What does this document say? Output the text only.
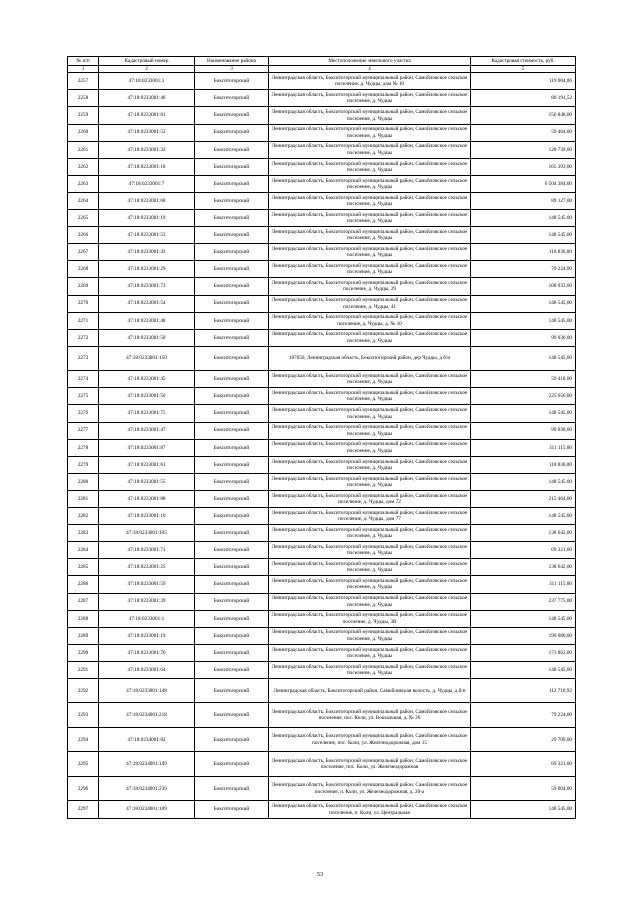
№ п/п	Кадастровый номер	Наименование района	Местоположение земельного участка	Кадастровая стоимость, руб.
1	2	3	4	5
2257	47:18:0233001:3	Бокситогорский	Ленинградская область, Бокситогорский муниципальный район, Самойловское сельское поселение, д. Чудцы, дом № 10	119 004,06
2258	47:18:0233001:46	Бокситогорский	Ленинградская область, Бокситогорский муниципальный район, Самойловское сельское поселение, д. Чудцы	80 191,52
2259	47:18:0233001:81	Бокситогорский	Ленинградская область, Бокситогорский муниципальный район, Самойловское сельское поселение, д. Чудцы	156 848,00
2260	47:18:0233001:53	Бокситогорский	Ленинградская область, Бокситогорский муниципальный район, Самойловское сельское поселение, д. Чудцы	59 464,00
2261	47:18:0233001:32	Бокситогорский	Ленинградская область, Бокситогорский муниципальный район, Самойловское сельское поселение, д. Чудцы	128 739,00
2262	47:18:0233001:18	Бокситогорский	Ленинградская область, Бокситогорский муниципальный район, Самойловское сельское поселение, д. Чудцы	165 393,00
2263	47:18:0233001:7	Бокситогорский	Ленинградская область, Бокситогорский муниципальный район, Самойловское сельское поселение, д. Чудцы	6 504 384,00
2264	47:18:0233001:68	Бокситогорский	Ленинградская область, Бокситогорский муниципальный район, Самойловское сельское поселение, д. Чудцы	89 127,00
2265	47:18:0233001:19	Бокситогорский	Ленинградская область, Бокситогорский муниципальный район, Самойловское сельское поселение, д. Чудцы	148 545,00
2266	47:18:0233001:53	Бокситогорский	Ленинградская область, Бокситогорский муниципальный район, Самойловское сельское поселение, д. Чудцы	148 545,00
2267	47:18:0233001:43	Бокситогорский	Ленинградская область, Бокситогорский муниципальный район, Самойловское сельское поселение, д. Чудцы	118 836,00
2268	47:18:0233001:29	Бокситогорский	Ленинградская область, Бокситогорский муниципальный район, Самойловское сельское поселение, д. Чудцы	79 224,00
2269	47:18:0233001:73	Бокситогорский	Ленинградская область, Бокситогорский муниципальный район, Самойловское сельское поселение, д. Чудцы, 29	108 933,00
2270	47:18:0233001:54	Бокситогорский	Ленинградская область, Бокситогорский муниципальный район, Самойловское сельское поселение, д. Чудцы, 41	148 545,00
2271	47:18:0233001:48	Бокситогорский	Ленинградская область, Бокситогорский муниципальный район, Самойловское сельское поселение, д. Чудцы, д. № 10	148 545,00
2272	47:18:0233001:50	Бокситогорский	Ленинградская область, Бокситогорский муниципальный район, Самойловское сельское поселение, д. Чудцы	99 030,00
2273	47:18:0233001:150	Бокситогорский	187650, Ленинградская область, Бокситогорский район, дер Чудцы, д б/н	148 545,00
2274	47:18:0233001:45	Бокситогорский	Ленинградская область, Бокситогорский муниципальный район, Самойловское сельское поселение, д. Чудцы	59 418,00
2275	47:18:0233001:50	Бокситогорский	Ленинградская область, Бокситогорский муниципальный район, Самойловское сельское поселение, д. Чудцы	225 656,00
2276	47:18:0233001:75	Бокситогорский	Ленинградская область, Бокситогорский муниципальный район, Самойловское сельское поселение, д. Чудцы	148 545,00
2277	47:18:0233001:47	Бокситогорский	Ленинградская область, Бокситогорский муниципальный район, Самойловское сельское поселение, д. Чудцы	99 030,00
2278	47:18:0233001:87	Бокситогорский	Ленинградская область, Бокситогорский муниципальный район, Самойловское сельское поселение, д. Чудцы	311 115,00
2279	47:18:0233001:61	Бокситогорский	Ленинградская область, Бокситогорский муниципальный район, Самойловское сельское поселение, д. Чудцы	118 836,00
2280	47:18:0233001:55	Бокситогорский	Ленинградская область, Бокситогорский муниципальный район, Самойловское сельское поселение, д. Чудцы	148 545,00
2281	47:18:0233001:88	Бокситогорский	Ленинградская область, Бокситогорский муниципальный район, Самойловское сельское поселение, д. Чудцы, дом 72	215 464,00
2282	47:18:0233001:10	Бокситогорский	Ленинградская область, Бокситогорский муниципальный район, Самойловское сельское поселение, д. Чудцы, дом 77	148 545,00
2283	47:18:0233001:105	Бокситогорский	Ленинградская область, Бокситогорский муниципальный район, Самойловское сельское поселение, д. Чудцы	138 642,00
2284	47:18:0233001:71	Бокситогорский	Ленинградская область, Бокситогорский муниципальный район, Самойловское сельское поселение, д. Чудцы	69 321,00
2285	47:18:0233001:25	Бокситогорский	Ленинградская область, Бокситогорский муниципальный район, Самойловское сельское поселение, д. Чудцы	138 642,00
2286	47:18:0233001:59	Бокситогорский	Ленинградская область, Бокситогорский муниципальный район, Самойловское сельское поселение, д. Чудцы	311 115,00
2287	47:18:0233001:39	Бокситогорский	Ленинградская область, Бокситогорский муниципальный район, Самойловское сельское поселение, д. Чудцы	237 775,00
2288	47:18:0233001:1	Бокситогорский	Ленинградская область, Бокситогорский муниципальный район, Самойловское сельское поселение, д. Чудцы, 3В	148 545,00
2289	47:18:0233001:19	Бокситогорский	Ленинградская область, Бокситогорский муниципальный район, Самойловское сельское поселение, д. Чудцы	190 080,00
2290	47:18:0233001:70	Бокситогорский	Ленинградская область, Бокситогорский муниципальный район, Самойловское сельское поселение, д. Чудцы	173 862,00
2291	47:18:0233001:64	Бокситогорский	Ленинградская область, Бокситогорский муниципальный район, Самойловское сельское поселение, д. Чудцы	148 545,00
2292	47:18:0233001:148	Бокситогорский	Ленинградская область, Бокситогорский район, Самойловская волость, д. Чудцы, д.б/н	112 718,92
2293	47:18:0234001:218	Бокситогорский	Ленинградская область, Бокситогорский муниципальный район, Самойловское сельское поселение, пос. Коли, ул. Вокзальная, д. № 26	79 224,00
2294	47:18:0234001:82	Бокситогорский	Ленинградская область, Бокситогорский муниципальный район, Самойловское сельское поселение, пос. Коли, ул. Железнодорожная, дом 15	29 709,00
2295	47:18:0234001:149	Бокситогорский	Ленинградская область, Бокситогорский муниципальный район, Самойловское сельское поселение, пос. Коли, ул. Железнодорожная	69 321,00
2296	47:18:0234001:239	Бокситогорский	Ленинградская область, Бокситогорский муниципальный район, Самойловское сельское поселение, п. Коли, ул. Железнодорожная, д. 20-а	59 004,00
2297	47:18:0234001:109	Бокситогорский	Ленинградская область, Бокситогорский муниципальный район, Самойловское сельское поселение, п. Коли, ул. Центральная	148 545,00
53
